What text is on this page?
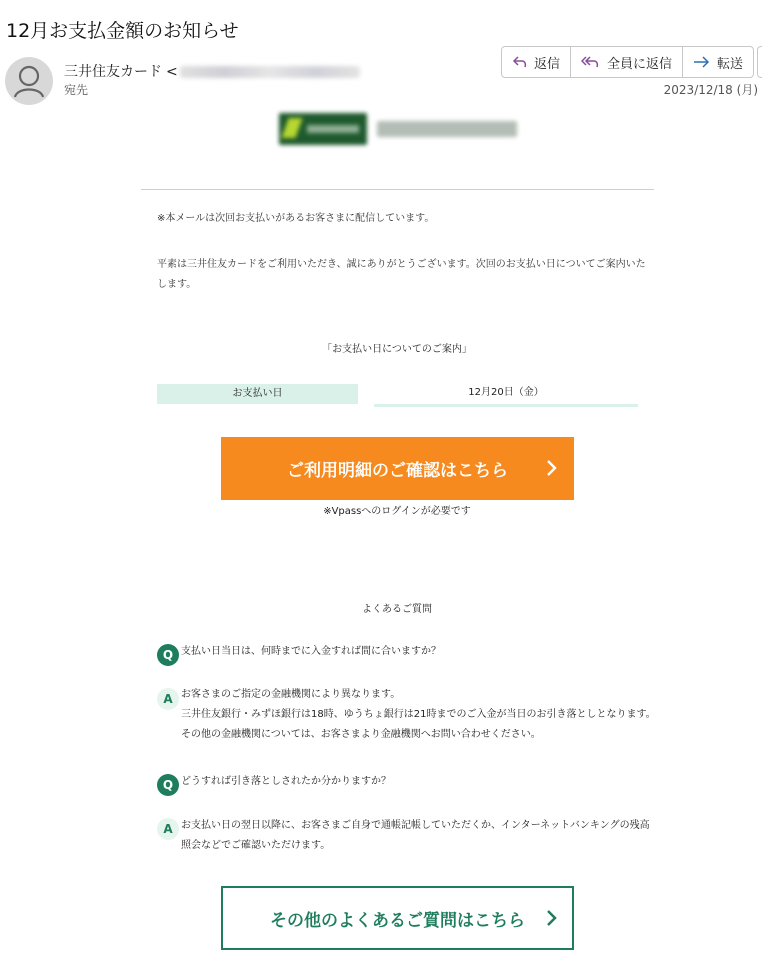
12月お支払金額のお知らせ
三井住友カード <
宛先
返信	全員に返信	転送
2023/12/18 (月)
※本メールは次回お支払いがあるお客さまに配信しています。
平素は三井住友カードをご利用いただき、誠にありがとうございます。次回のお支払い日についてご案内いたします。
「お支払い日についてのご案内」
お支払い日	12月20日（金）
ご利用明細のご確認はこちら
※Vpassへのログインが必要です
よくあるご質問
Q 支払い日当日は、何時までに入金すれば間に合いますか？
A お客さまのご指定の金融機関により異なります。
三井住友銀行・みずほ銀行は18時、ゆうちょ銀行は21時までのご入金が当日のお引き落としとなります。
その他の金融機関については、お客さまより金融機関へお問い合わせください。
Q どうすれば引き落としされたか分かりますか？
A お支払い日の翌日以降に、お客さまご自身で通帳記帳していただくか、インターネットバンキングの残高
照会などでご確認いただけます。
その他のよくあるご質問はこちら
